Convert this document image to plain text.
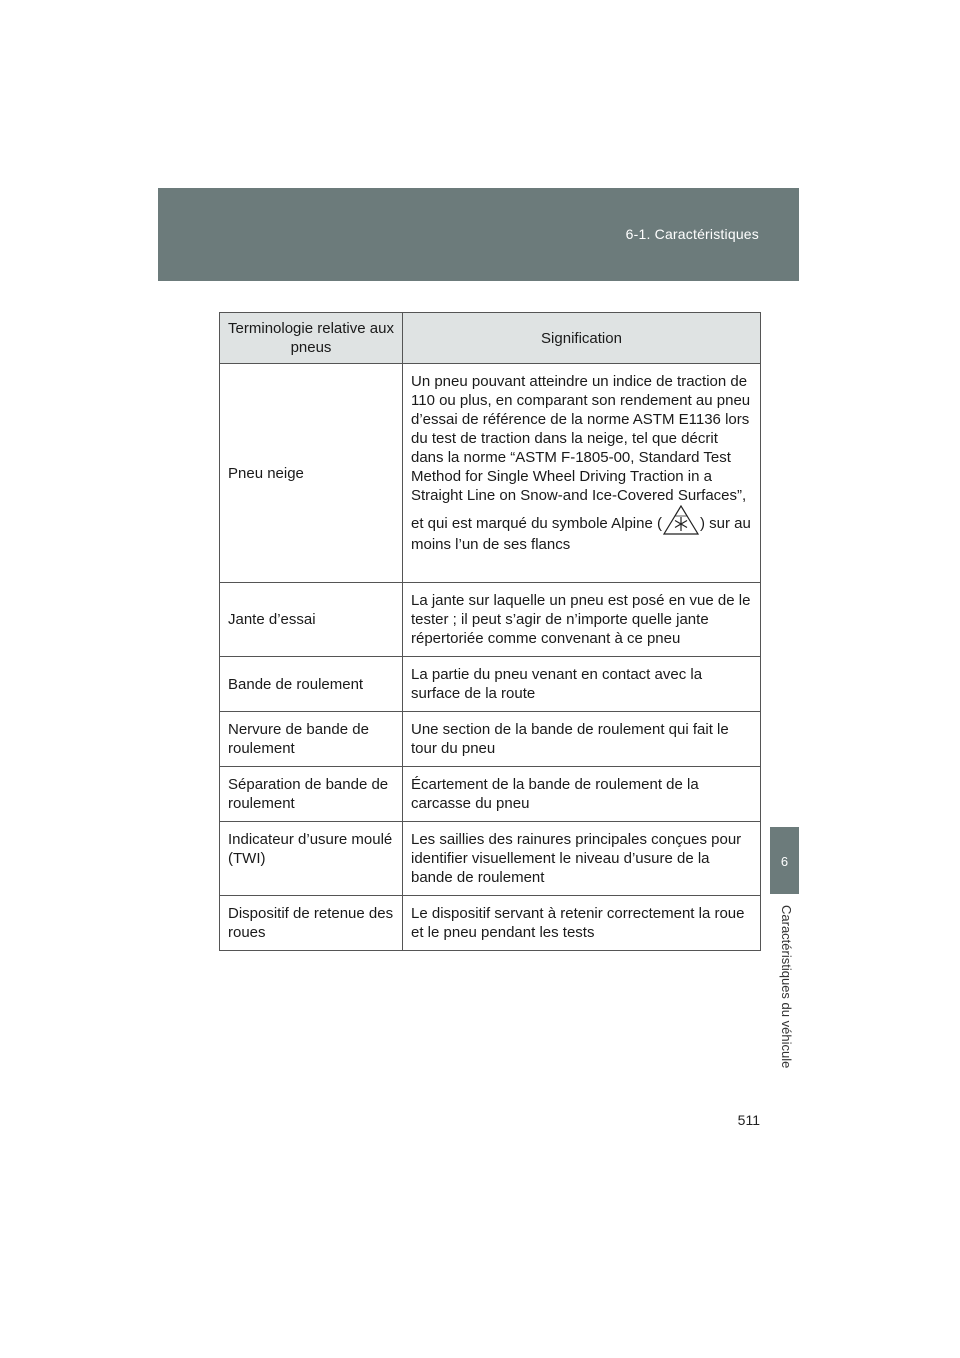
6-1. Caractéristiques
6
Caractéristiques du véhicule
Terminologie relative aux pneus	Signification
Pneu neige	Un pneu pouvant atteindre un indice de traction de 110 ou plus, en comparant son rendement au pneu d’essai de référence de la norme ASTM E1136 lors du test de traction dans la neige, tel que décrit dans la norme “ASTM F-1805-00, Standard Test Method for Single Wheel Driving Traction in a Straight Line on Snow-and Ice-Covered Surfaces”, et qui est marqué du symbole Alpine ( ) sur au moins l’un de ses flancs
Jante d’essai	La jante sur laquelle un pneu est posé en vue de le tester ; il peut s’agir de n’importe quelle jante répertoriée comme convenant à ce pneu
Bande de roulement	La partie du pneu venant en contact avec la surface de la route
Nervure de bande de roulement	Une section de la bande de roulement qui fait le tour du pneu
Séparation de bande de roulement	Écartement de la bande de roulement de la carcasse du pneu
Indicateur d’usure moulé (TWI)	Les saillies des rainures principales conçues pour identifier visuellement le niveau d’usure de la bande de roulement
Dispositif de retenue des roues	Le dispositif servant à retenir correctement la roue et le pneu pendant les tests
511
